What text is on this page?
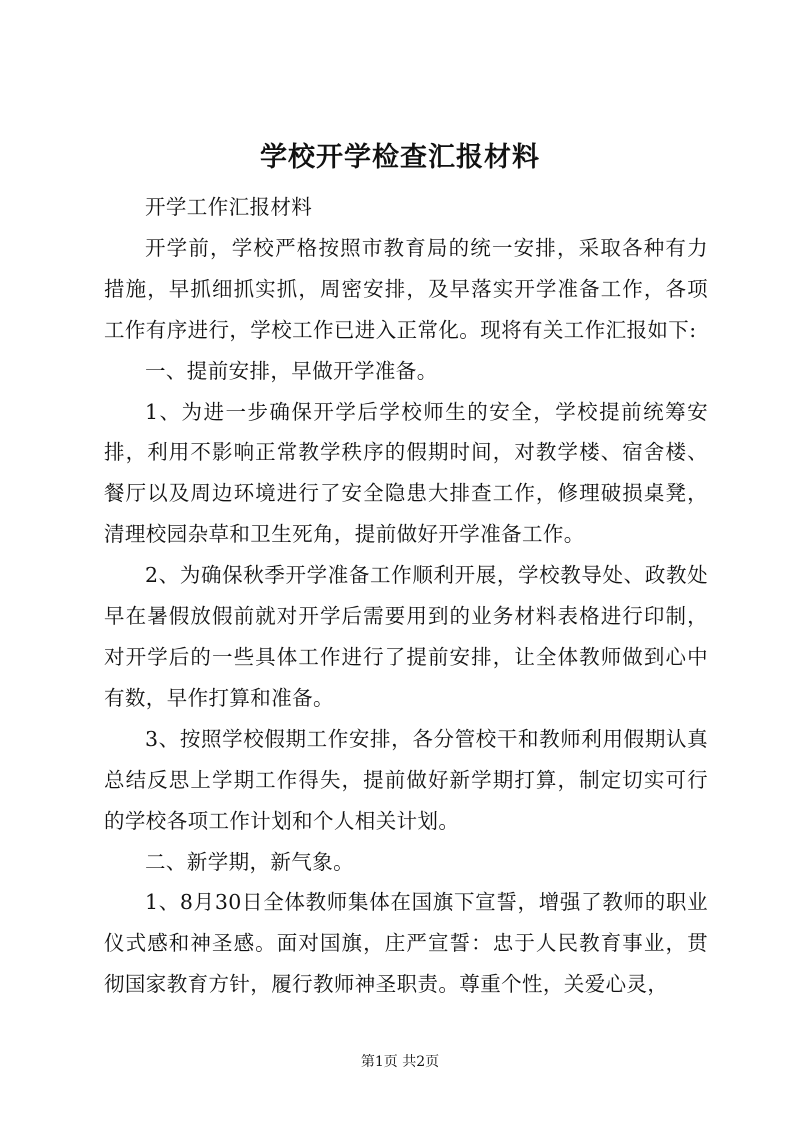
学校开学检查汇报材料

开学工作汇报材料

开学前，学校严格按照市教育局的统一安排，采取各种有力措施，早抓细抓实抓，周密安排，及早落实开学准备工作，各项工作有序进行，学校工作已进入正常化。现将有关工作汇报如下:

一、提前安排，早做开学准备。

1、为进一步确保开学后学校师生的安全，学校提前统筹安排，利用不影响正常教学秩序的假期时间，对教学楼、宿舍楼、餐厅以及周边环境进行了安全隐患大排查工作，修理破损桌凳，清理校园杂草和卫生死角，提前做好开学准备工作。

2、为确保秋季开学准备工作顺利开展，学校教导处、政教处早在暑假放假前就对开学后需要用到的业务材料表格进行印制，对开学后的一些具体工作进行了提前安排，让全体教师做到心中有数，早作打算和准备。

3、按照学校假期工作安排，各分管校干和教师利用假期认真总结反思上学期工作得失，提前做好新学期打算，制定切实可行的学校各项工作计划和个人相关计划。

二、新学期，新气象。

1、8月30日全体教师集体在国旗下宣誓，增强了教师的职业仪式感和神圣感。面对国旗，庄严宣誓：忠于人民教育事业，贯彻国家教育方针，履行教师神圣职责。尊重个性，关爱心灵，

第1页 共2页
